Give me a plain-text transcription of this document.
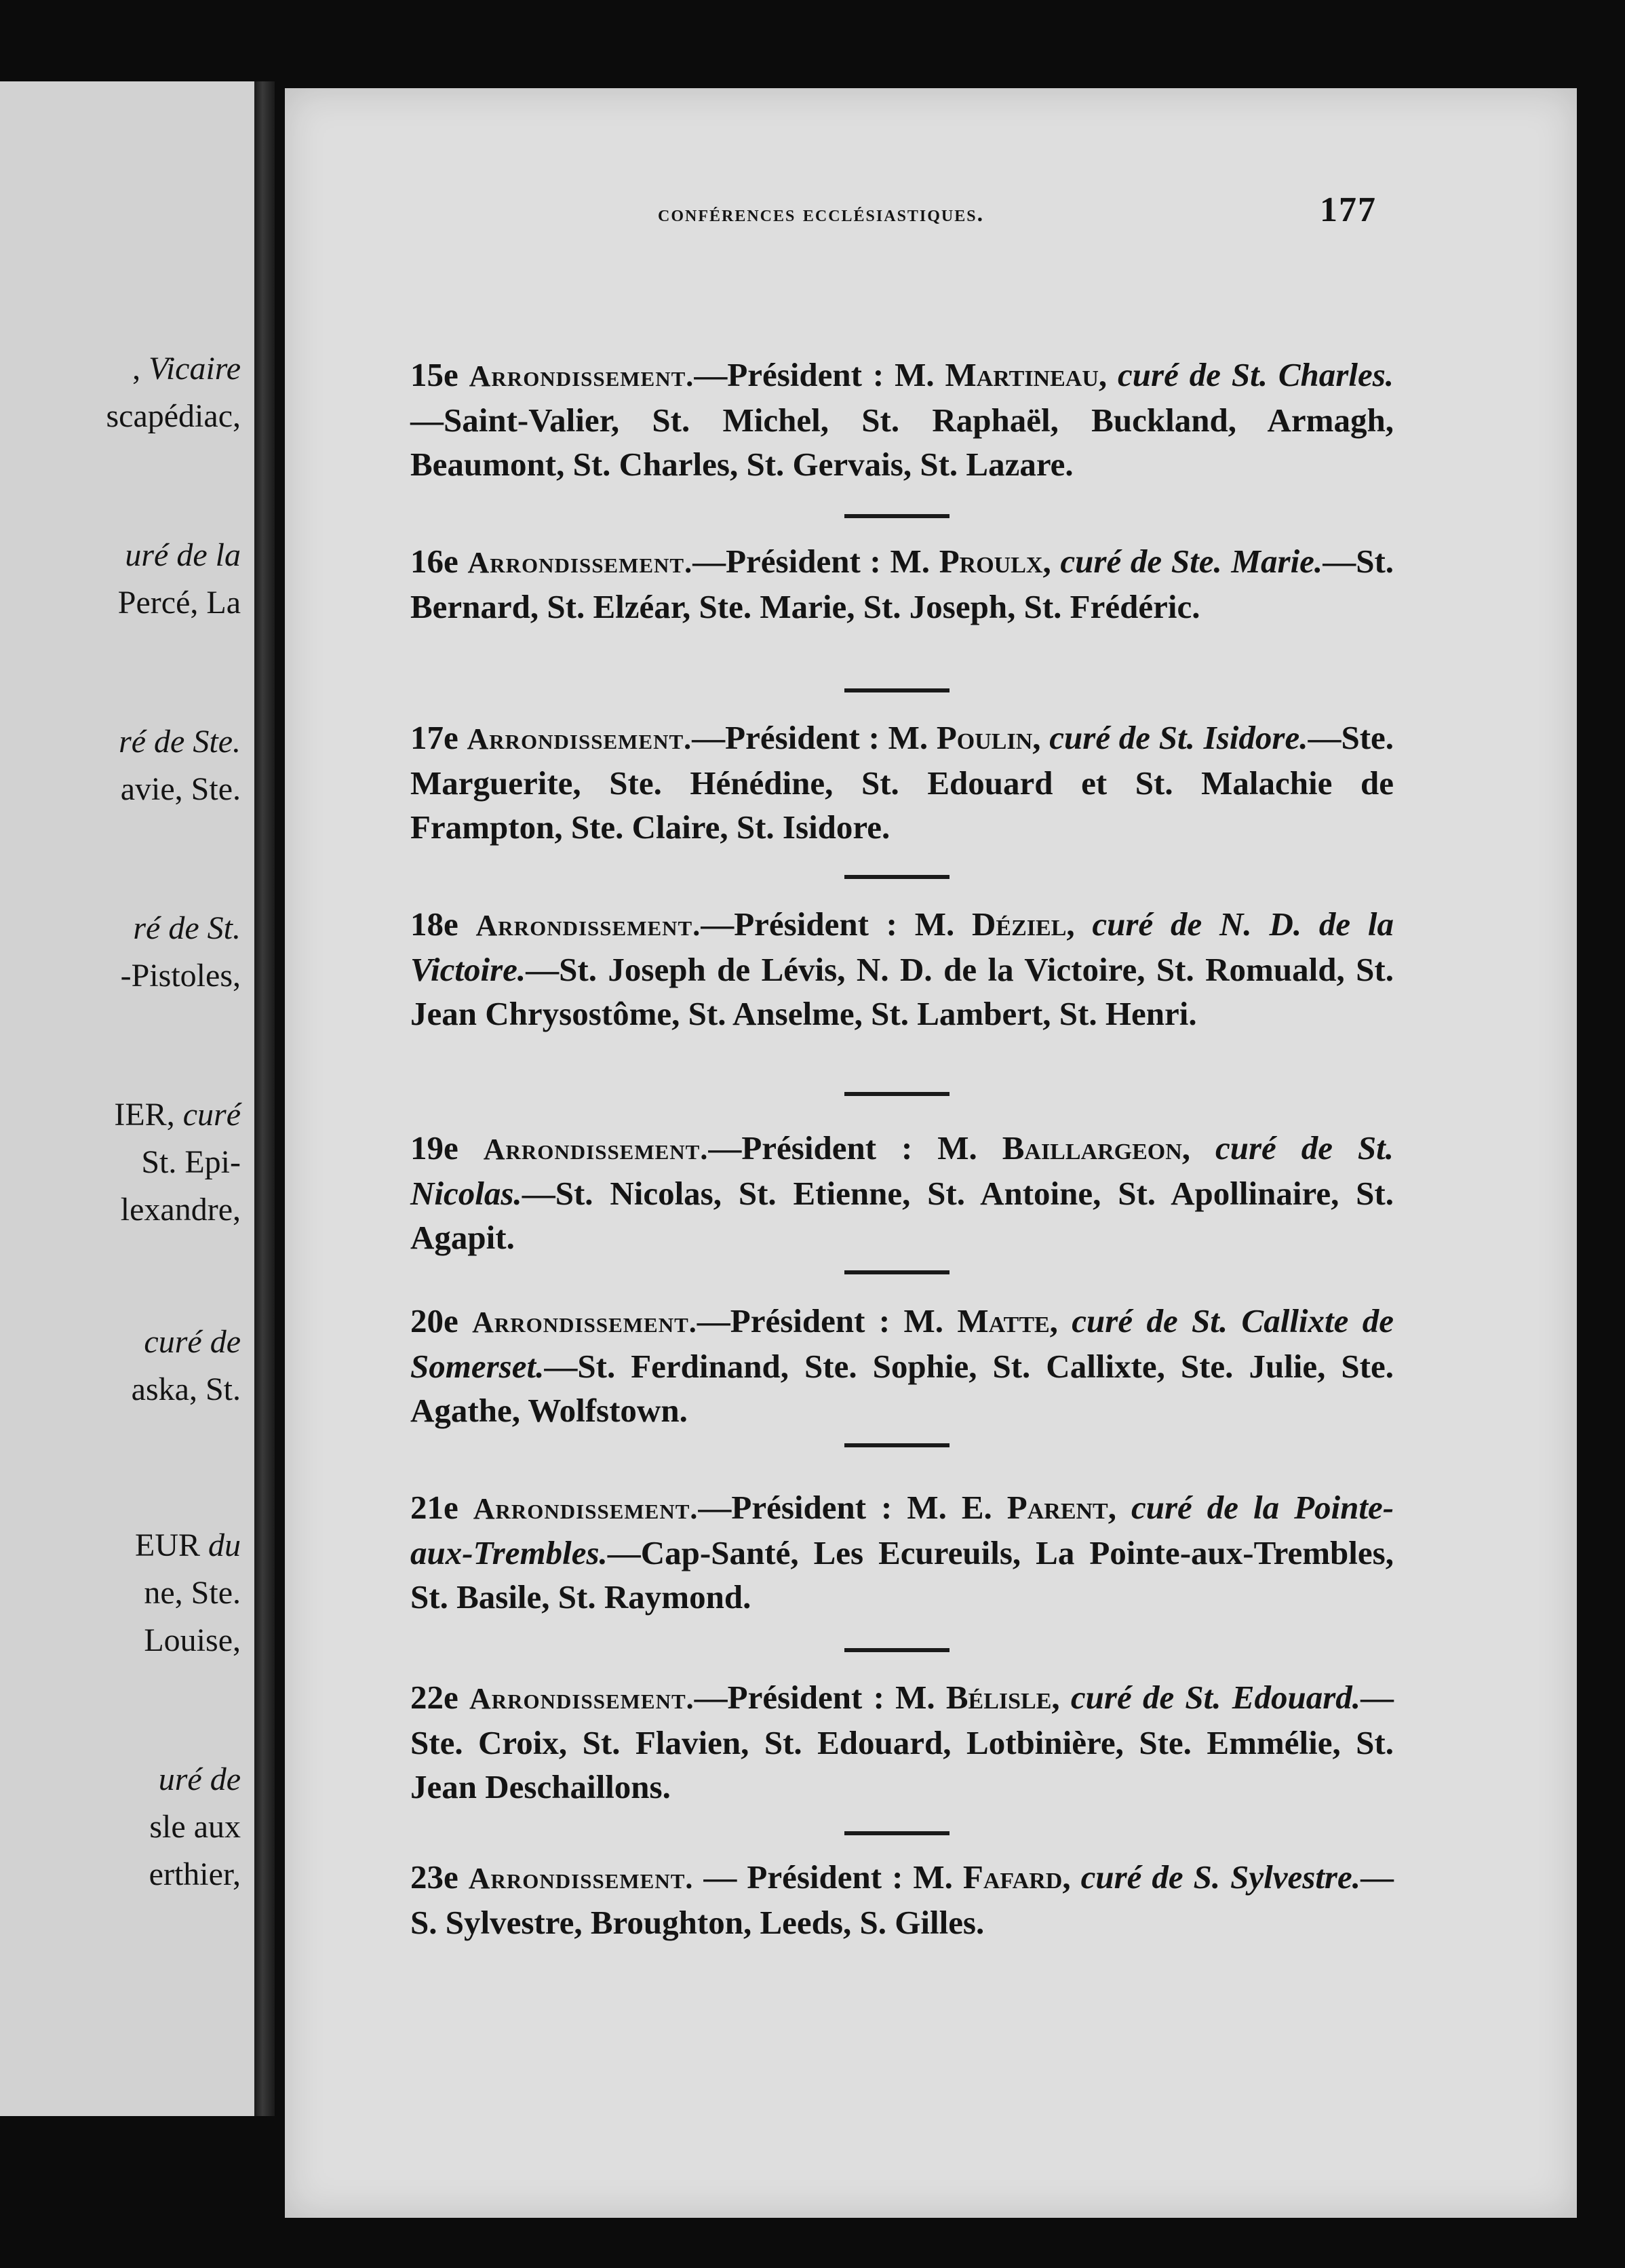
, Vicaire
scapédiac,
uré de la
Percé, La
ré de Ste.
avie, Ste.
ré de St.
-Pistoles,
IER, curé
St. Epi-
lexandre,
curé de
aska, St.
EUR du
ne, Ste.
Louise,
uré de
sle aux
erthier,
conférences ecclésiastiques.	177
15e Arrondissement.—Président : M. Martineau, curé de St. Charles.—Saint-Valier, St. Michel, St. Raphaël, Buckland, Armagh, Beaumont, St. Charles, St. Gervais, St. Lazare.
16e Arrondissement.—Président : M. Proulx, curé de Ste. Marie.—St. Bernard, St. Elzéar, Ste. Marie, St. Joseph, St. Frédéric.
17e Arrondissement.—Président : M. Poulin, curé de St. Isidore.—Ste. Marguerite, Ste. Hénédine, St. Edouard et St. Malachie de Frampton, Ste. Claire, St. Isidore.
18e Arrondissement.—Président : M. Déziel, curé de N. D. de la Victoire.—St. Joseph de Lévis, N. D. de la Victoire, St. Romuald, St. Jean Chrysostôme, St. Anselme, St. Lambert, St. Henri.
19e Arrondissement.—Président : M. Baillargeon, curé de St. Nicolas.—St. Nicolas, St. Etienne, St. Antoine, St. Apollinaire, St. Agapit.
20e Arrondissement.—Président : M. Matte, curé de St. Callixte de Somerset.—St. Ferdinand, Ste. Sophie, St. Callixte, Ste. Julie, Ste. Agathe, Wolfstown.
21e Arrondissement.—Président : M. E. Parent, curé de la Pointe-aux-Trembles.—Cap-Santé, Les Ecureuils, La Pointe-aux-Trembles, St. Basile, St. Raymond.
22e Arrondissement.—Président : M. Bélisle, curé de St. Edouard.—Ste. Croix, St. Flavien, St. Edouard, Lotbinière, Ste. Emmélie, St. Jean Deschaillons.
23e Arrondissement. — Président : M. Fafard, curé de S. Sylvestre.—S. Sylvestre, Broughton, Leeds, S. Gilles.
